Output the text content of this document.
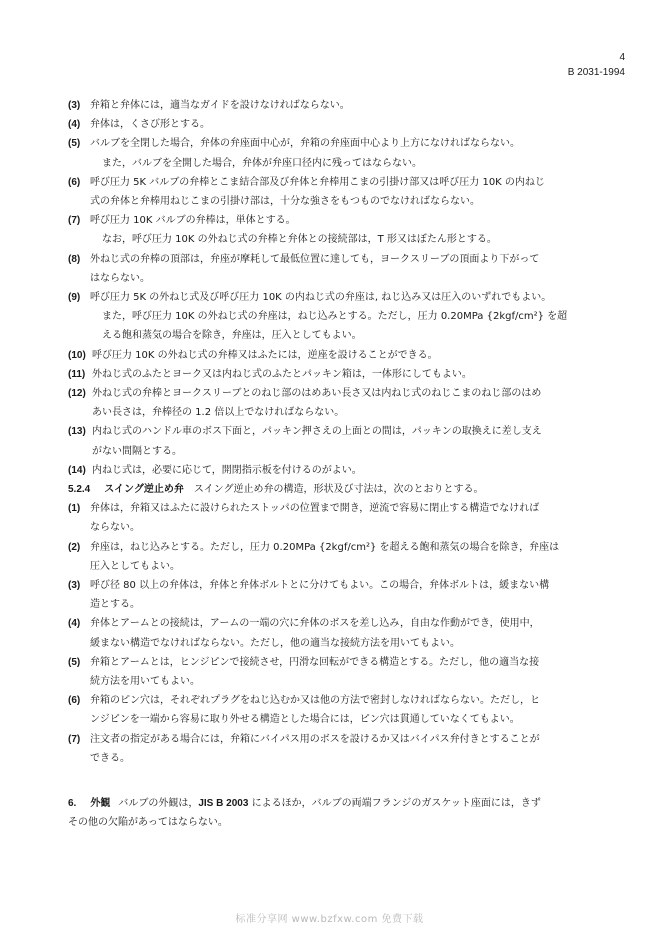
4
B 2031-1994
(3) 弁箱と弁体には，適当なガイドを設けなければならない。
(4) 弁体は，くさび形とする。
(5) バルブを全閉した場合，弁体の弁座面中心が，弁箱の弁座面中心より上方になければならない。
また，バルブを全開した場合，弁体が弁座口径内に残ってはならない。
(6) 呼び圧力 5K バルブの弁棒とこま結合部及び弁体と弁棒用こまの引掛け部又は呼び圧力 10K の内ねじ
式の弁体と弁棒用ねじこまの引掛け部は，十分な強さをもつものでなければならない。
(7) 呼び圧力 10K バルブの弁棒は，単体とする。
なお，呼び圧力 10K の外ねじ式の弁棒と弁体との接続部は，T 形又はぼたん形とする。
(8) 外ねじ式の弁棒の頂部は，弁座が摩耗して最低位置に達しても，ヨークスリーブの頂面より下がって
はならない。
(9) 呼び圧力 5K の外ねじ式及び呼び圧力 10K の内ねじ式の弁座は, ねじ込み又は圧入のいずれでもよい。
また，呼び圧力 10K の外ねじ式の弁座は，ねじ込みとする。ただし，圧力 0.20MPa {2kgf/cm²} を超
える飽和蒸気の場合を除き，弁座は，圧入としてもよい。
(10) 呼び圧力 10K の外ねじ式の弁棒又はふたには，逆座を設けることができる。
(11) 外ねじ式のふたとヨーク又は内ねじ式のふたとパッキン箱は，一体形にしてもよい。
(12) 外ねじ式の弁棒とヨークスリーブとのねじ部のはめあい長さ又は内ねじ式のねじこまのねじ部のはめ
あい長さは，弁棒径の 1.2 倍以上でなければならない。
(13) 内ねじ式のハンドル車のボス下面と，パッキン押さえの上面との間は，パッキンの取換えに差し支え
がない間隔とする。
(14) 内ねじ式は，必要に応じて，開閉指示板を付けるのがよい。
5.2.4 スイング逆止め弁 スイング逆止め弁の構造，形状及び寸法は，次のとおりとする。
(1) 弁体は，弁箱又はふたに設けられたストッパの位置まで開き，逆流で容易に閉止する構造でなければ
ならない。
(2) 弁座は，ねじ込みとする。ただし，圧力 0.20MPa {2kgf/cm²} を超える飽和蒸気の場合を除き，弁座は
圧入としてもよい。
(3) 呼び径 80 以上の弁体は，弁体と弁体ボルトとに分けてもよい。この場合，弁体ボルトは，緩まない構
造とする。
(4) 弁体とアームとの接続は，アームの一端の穴に弁体のボスを差し込み，自由な作動ができ，使用中，
緩まない構造でなければならない。ただし，他の適当な接続方法を用いてもよい。
(5) 弁箱とアームとは，ヒンジピンで接続させ，円滑な回転ができる構造とする。ただし，他の適当な接
続方法を用いてもよい。
(6) 弁箱のピン穴は，それぞれプラグをねじ込むか又は他の方法で密封しなければならない。ただし，ヒ
ンジピンを一端から容易に取り外せる構造とした場合には，ピン穴は貫通していなくてもよい。
(7) 注文者の指定がある場合には，弁箱にバイパス用のボスを設けるか又はバイパス弁付きとすることが
できる。
6. 外観 バルブの外観は，JIS B 2003 によるほか，バルブの両端フランジのガスケット座面には，きず
その他の欠陥があってはならない。
标准分享网 www.bzfxw.com 免费下载
